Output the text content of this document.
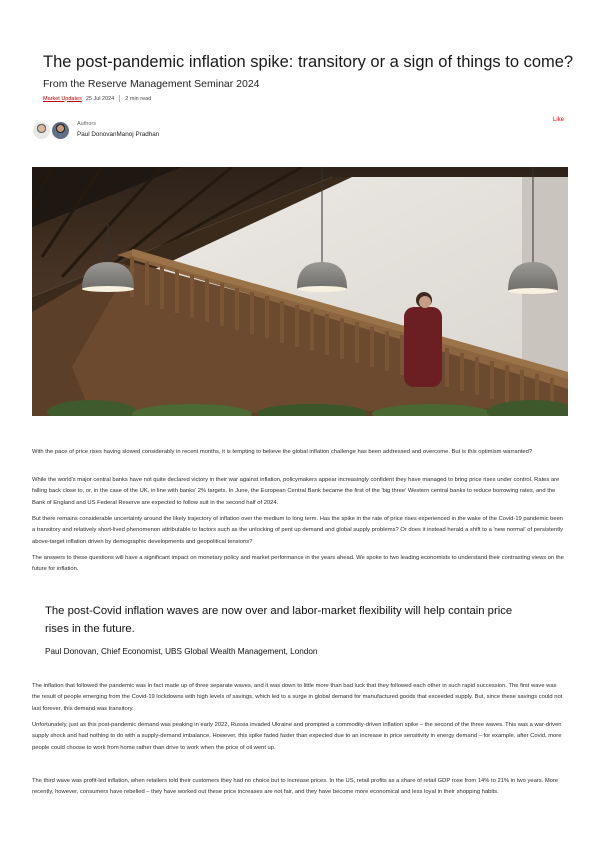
The post-pandemic inflation spike: transitory or a sign of things to come?
From the Reserve Management Seminar 2024
Market Updates 25 Jul 2024 2 min read
Authors
Paul DonovanManoj Pradhan
Like

With the pace of price rises having slowed considerably in recent months, it is tempting to believe the global inflation challenge has been addressed and overcome. But is this optimism warranted?

While the world's major central banks have not quite declared victory in their war against inflation, policymakers appear increasingly confident they have managed to bring price rises under control. Rates are falling back close to, or, in the case of the UK, in line with banks' 2% targets. In June, the European Central Bank became the first of the 'big three' Western central banks to reduce borrowing rates, and the Bank of England and US Federal Reserve are expected to follow suit in the second half of 2024.

But there remains considerable uncertainty around the likely trajectory of inflation over the medium to long term. Has the spike in the rate of price rises experienced in the wake of the Covid-19 pandemic been a transitory and relatively short-lived phenomenon attributable to factors such as the unlocking of pent up demand and global supply problems? Or does it instead herald a shift to a 'new normal' of persistently above-target inflation driven by demographic developments and geopolitical tensions?

The answers to these questions will have a significant impact on monetary policy and market performance in the years ahead. We spoke to two leading economists to understand their contrasting views on the future for inflation.

The post-Covid inflation waves are now over and labor-market flexibility will help contain price rises in the future.
Paul Donovan, Chief Economist, UBS Global Wealth Management, London

The inflation that followed the pandemic was in fact made up of three separate waves, and it was down to little more than bad luck that they followed each other in such rapid succession. The first wave was the result of people emerging from the Covid-19 lockdowns with high levels of savings, which led to a surge in global demand for manufactured goods that exceeded supply. But, since these savings could not last forever, this demand was transitory.

Unfortunately, just as this post-pandemic demand was peaking in early 2022, Russia invaded Ukraine and prompted a commodity-driven inflation spike – the second of the three waves. This was a war-driven supply shock and had nothing to do with a supply-demand imbalance. However, this spike faded faster than expected due to an increase in price sensitivity in energy demand – for example, after Covid, more people could choose to work from home rather than drive to work when the price of oil went up.

The third wave was profit-led inflation, when retailers told their customers they had no choice but to increase prices. In the US, retail profits as a share of retail GDP rose from 14% to 21% in two years. More recently, however, consumers have rebelled – they have worked out these price increases are not fair, and they have become more economical and less loyal in their shopping habits.
